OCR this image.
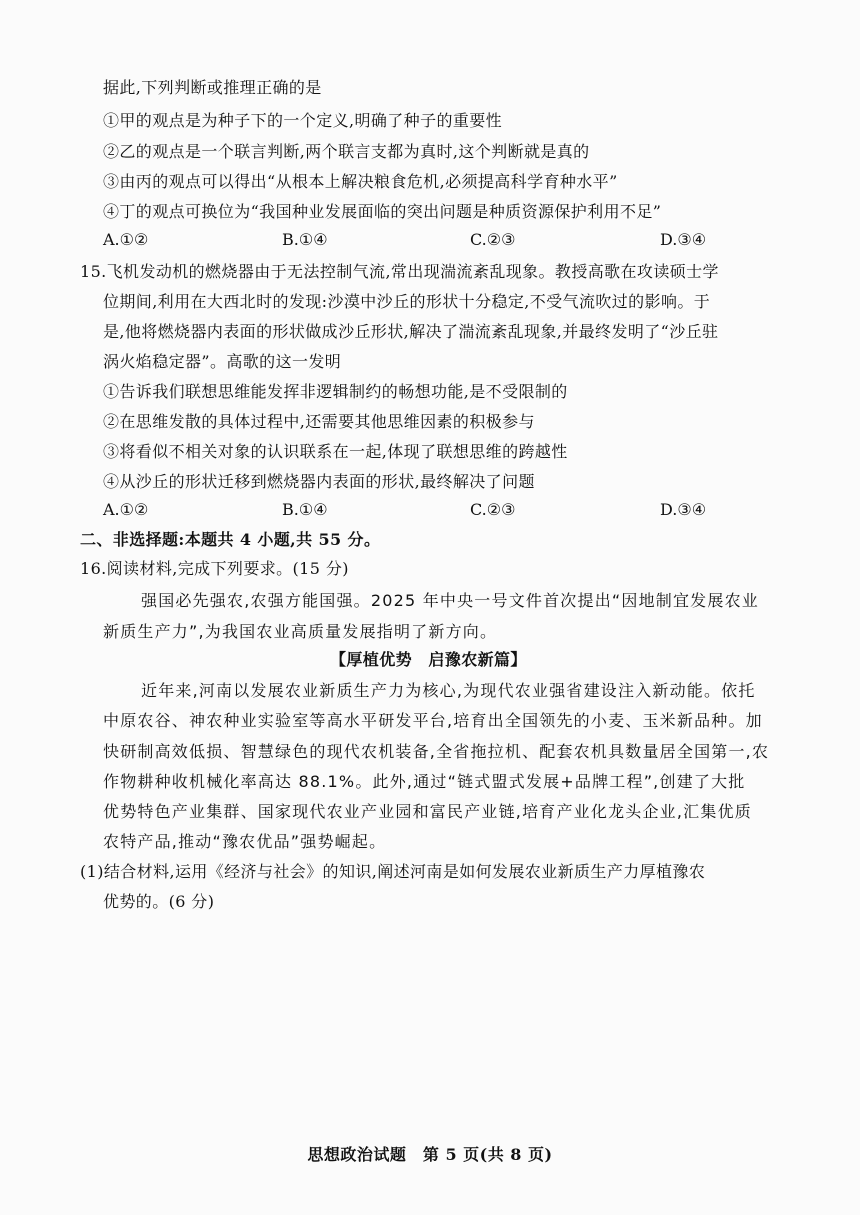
据此,下列判断或推理正确的是
①甲的观点是为种子下的一个定义,明确了种子的重要性
②乙的观点是一个联言判断,两个联言支都为真时,这个判断就是真的
③由丙的观点可以得出“从根本上解决粮食危机,必须提高科学育种水平”
④丁的观点可换位为“我国种业发展面临的突出问题是种质资源保护利用不足”
A.①②	B.①④	C.②③	D.③④
15.飞机发动机的燃烧器由于无法控制气流,常出现湍流紊乱现象。教授高歌在攻读硕士学
位期间,利用在大西北时的发现:沙漠中沙丘的形状十分稳定,不受气流吹过的影响。于
是,他将燃烧器内表面的形状做成沙丘形状,解决了湍流紊乱现象,并最终发明了“沙丘驻
涡火焰稳定器”。高歌的这一发明
①告诉我们联想思维能发挥非逻辑制约的畅想功能,是不受限制的
②在思维发散的具体过程中,还需要其他思维因素的积极参与
③将看似不相关对象的认识联系在一起,体现了联想思维的跨越性
④从沙丘的形状迁移到燃烧器内表面的形状,最终解决了问题
A.①②	B.①④	C.②③	D.③④
二、非选择题:本题共 4 小题,共 55 分。
16.阅读材料,完成下列要求。(15 分)
强国必先强农,农强方能国强。2025 年中央一号文件首次提出“因地制宜发展农业
新质生产力”,为我国农业高质量发展指明了新方向。
【厚植优势　启豫农新篇】
近年来,河南以发展农业新质生产力为核心,为现代农业强省建设注入新动能。依托
中原农谷、神农种业实验室等高水平研发平台,培育出全国领先的小麦、玉米新品种。加
快研制高效低损、智慧绿色的现代农机装备,全省拖拉机、配套农机具数量居全国第一,农
作物耕种收机械化率高达 88.1%。此外,通过“链式盟式发展+品牌工程”,创建了大批
优势特色产业集群、国家现代农业产业园和富民产业链,培育产业化龙头企业,汇集优质
农特产品,推动“豫农优品”强势崛起。
(1)结合材料,运用《经济与社会》的知识,阐述河南是如何发展农业新质生产力厚植豫农
优势的。(6 分)
思想政治试题　第 5 页(共 8 页)
